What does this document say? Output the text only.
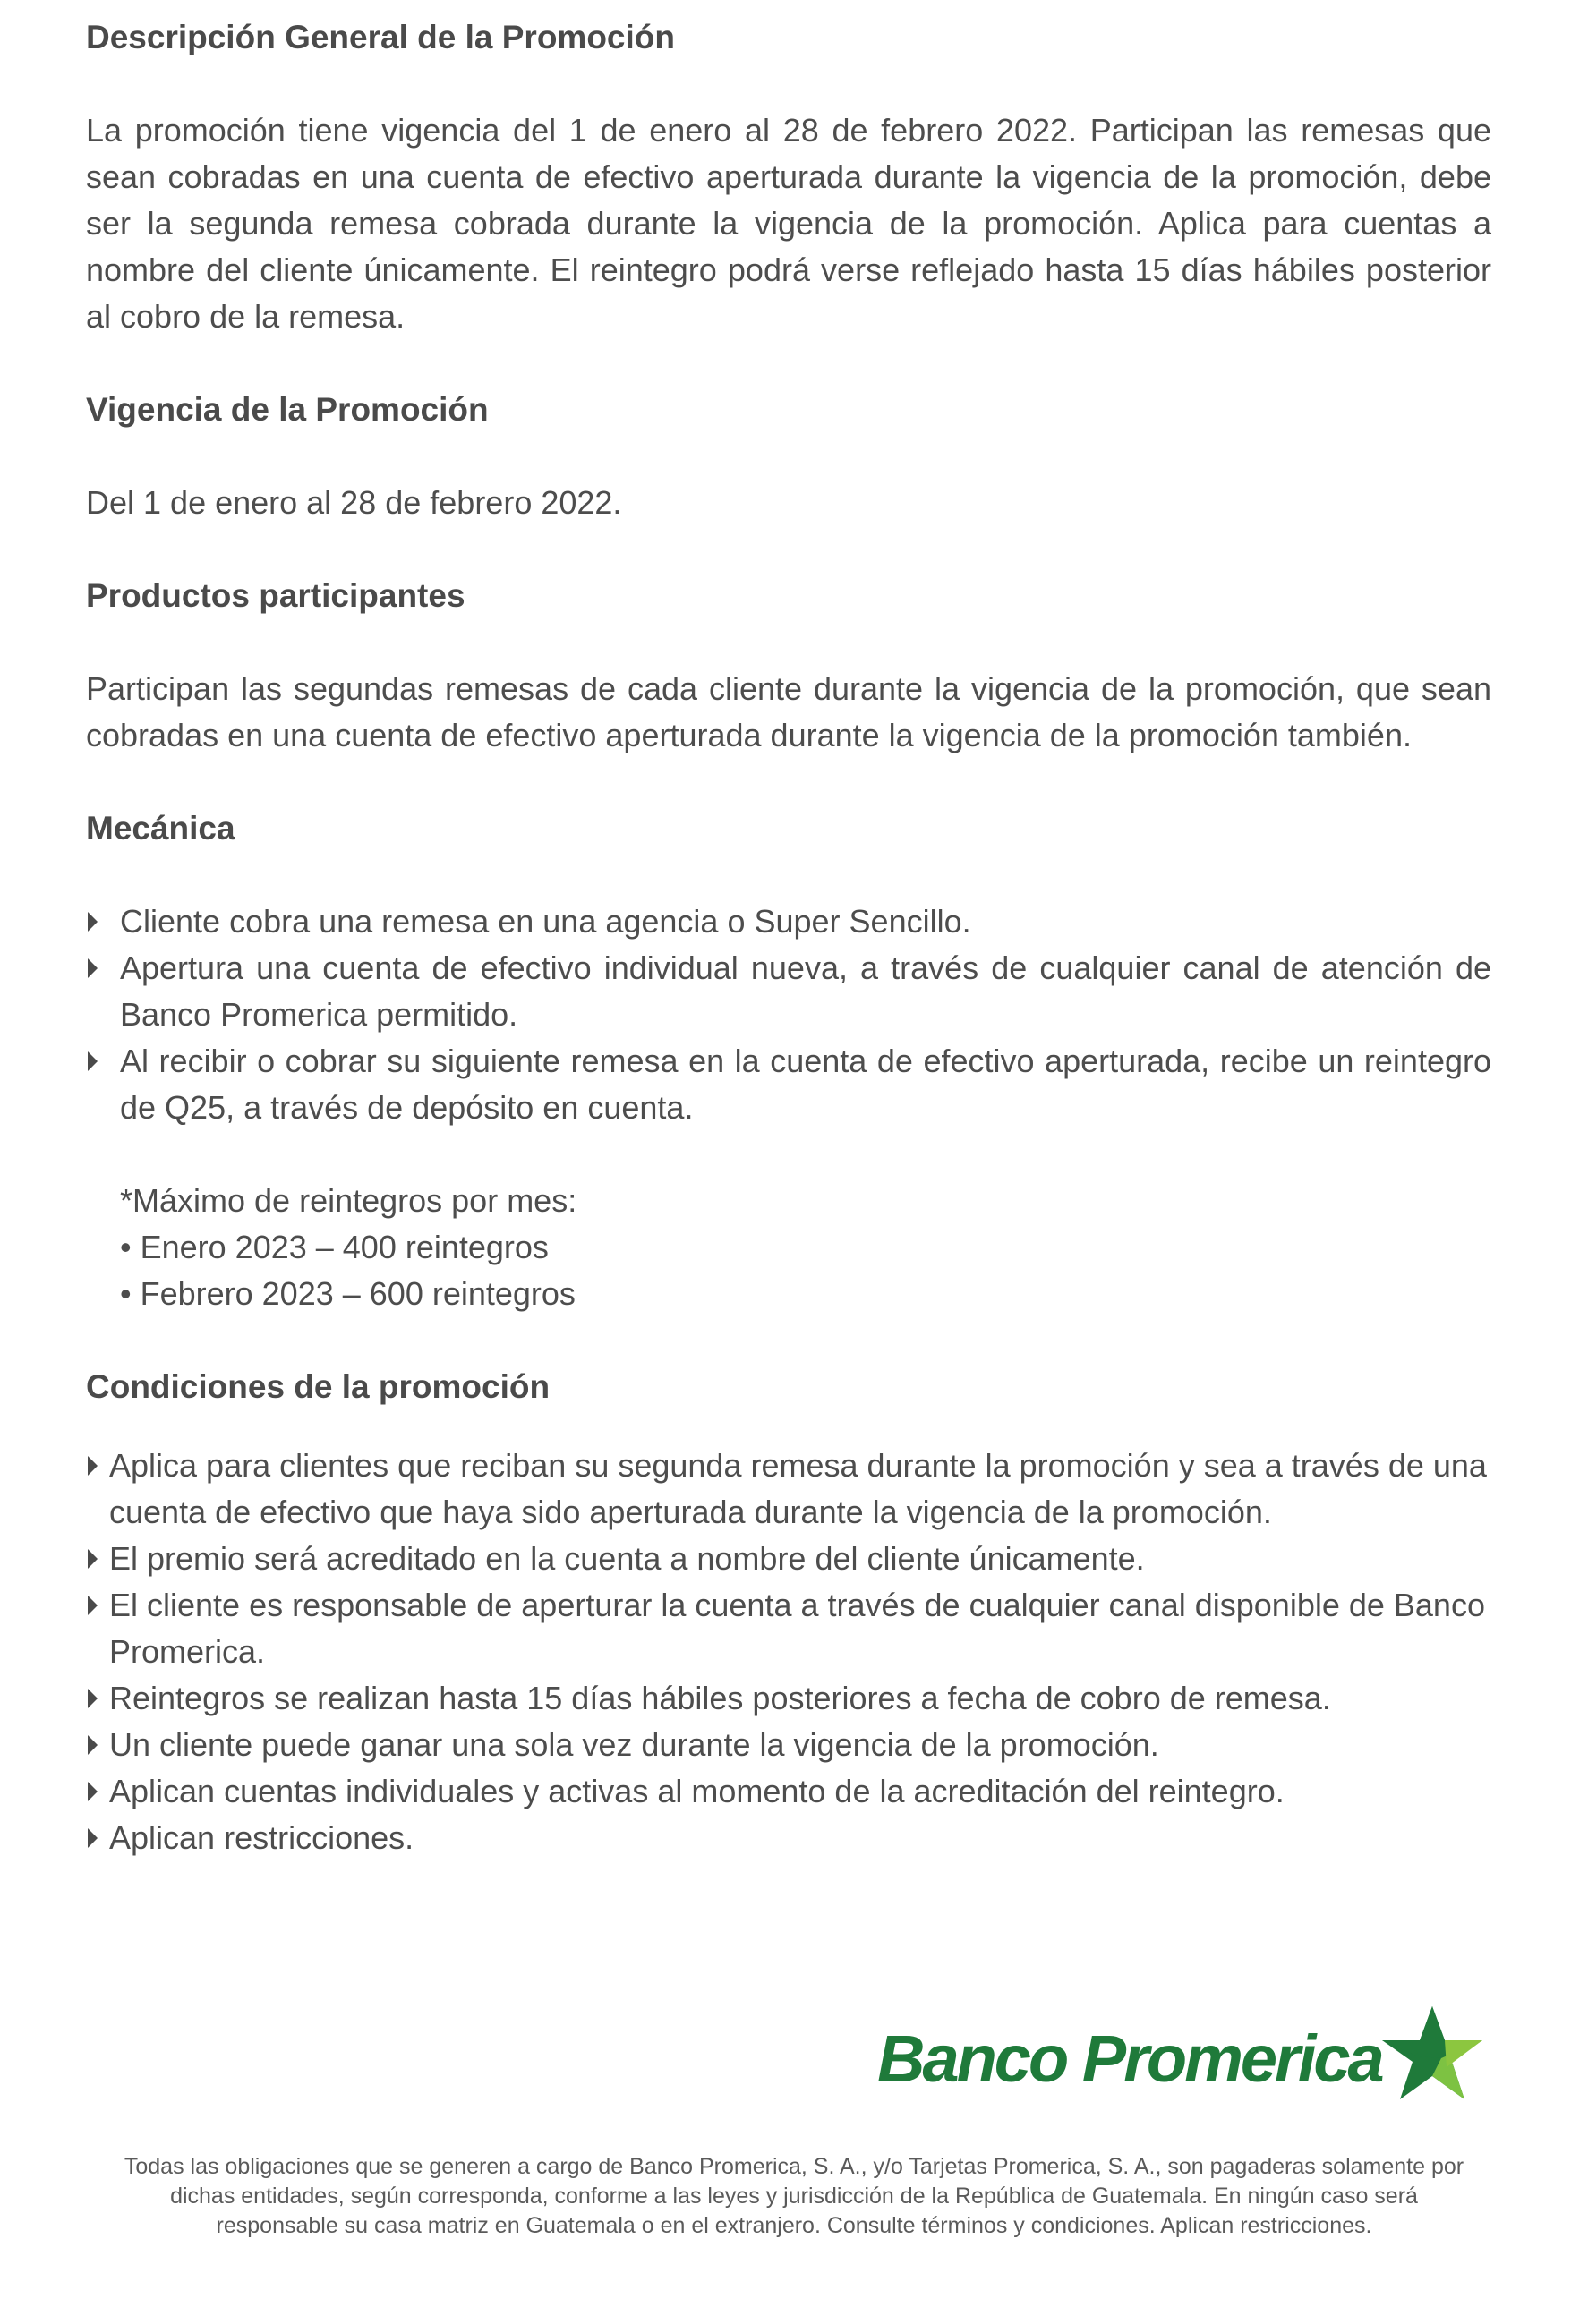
Descripción General de la Promoción

La promoción tiene vigencia del 1 de enero al 28 de febrero 2022. Participan las remesas que sean cobradas en una cuenta de efectivo aperturada durante la vigencia de la promoción, debe ser la segunda remesa cobrada durante la vigencia de la promoción. Aplica para cuentas a nombre del cliente únicamente. El reintegro podrá verse reflejado hasta 15 días hábiles posterior al cobro de la remesa.

Vigencia de la Promoción

Del 1 de enero al 28 de febrero 2022.

Productos participantes

Participan las segundas remesas de cada cliente durante la vigencia de la promoción, que sean cobradas en una cuenta de efectivo aperturada durante la vigencia de la promoción también.

Mecánica
Cliente cobra una remesa en una agencia o Super Sencillo.
Apertura una cuenta de efectivo individual nueva, a través de cualquier canal de atención de Banco Promerica permitido.
Al recibir o cobrar su siguiente remesa en la cuenta de efectivo aperturada, recibe un reintegro de Q25, a través de depósito en cuenta.
*Máximo de reintegros por mes:
• Enero 2023 – 400 reintegros
• Febrero 2023 – 600 reintegros
Condiciones de la promoción
Aplica para clientes que reciban su segunda remesa durante la promoción y sea a través de una cuenta de efectivo que haya sido aperturada durante la vigencia de la promoción.
El premio será acreditado en la cuenta a nombre del cliente únicamente.
El cliente es responsable de aperturar la cuenta a través de cualquier canal disponible de Banco Promerica.
Reintegros se realizan hasta 15 días hábiles posteriores a fecha de cobro de remesa.
Un cliente puede ganar una sola vez durante la vigencia de la promoción.
Aplican cuentas individuales y activas al momento de la acreditación del reintegro.
Aplican restricciones.
Banco Promerica

Todas las obligaciones que se generen a cargo de Banco Promerica, S. A., y/o Tarjetas Promerica, S. A., son pagaderas solamente por dichas entidades, según corresponda, conforme a las leyes y jurisdicción de la República de Guatemala. En ningún caso será responsable su casa matriz en Guatemala o en el extranjero. Consulte términos y condiciones. Aplican restricciones.
